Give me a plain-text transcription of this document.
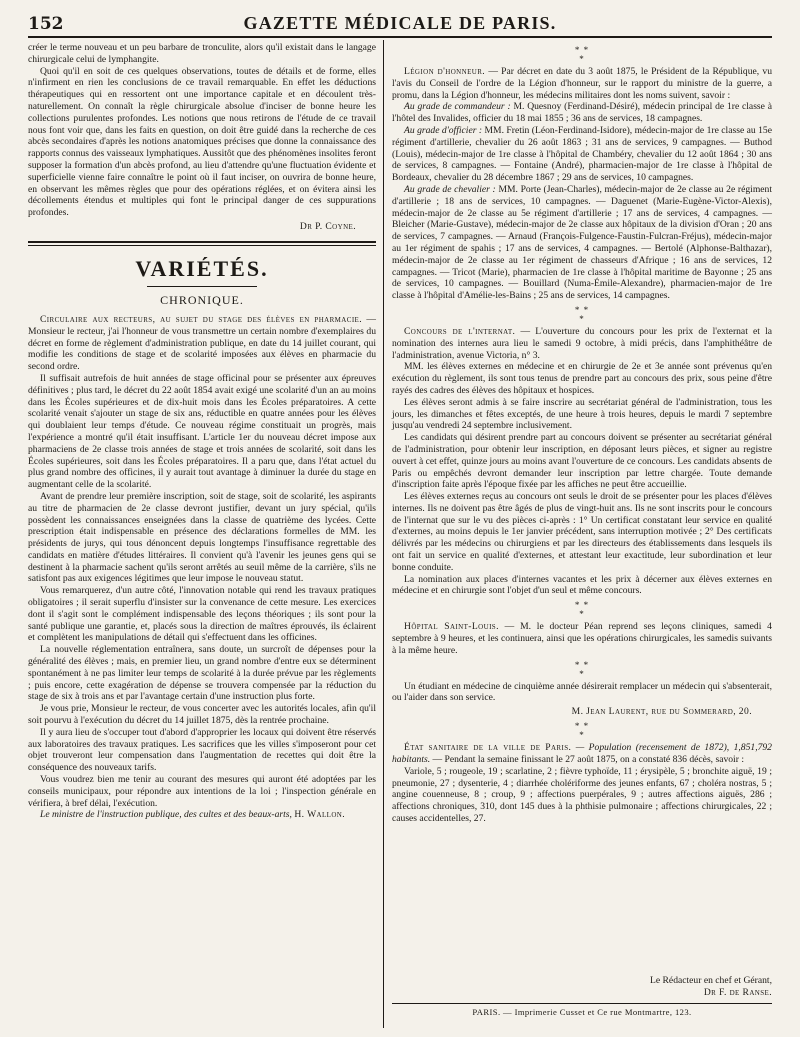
152	GAZETTE MÉDICALE DE PARIS.

créer le terme nouveau et un peu barbare de tronculite, alors qu'il existait dans le langage chirurgicale celui de lymphangite.

Quoi qu'il en soit de ces quelques observations, toutes de détails et de forme, elles n'infirment en rien les conclusions de ce travail remarquable. En effet les déductions thérapeutiques qui en ressortent ont une importance capitale et en découlent très-naturellement. On connaît la règle chirurgicale absolue d'inciser de bonne heure les collections purulentes profondes. Les notions que nous retirons de l'étude de ce travail nous font voir que, dans les faits en question, on doit être guidé dans la recherche de ces abcès secondaires d'après les notions anatomiques précises que donne la connaissance des rapports connus des vaisseaux lymphatiques. Aussitôt que des phénomènes insolites feront supposer la formation d'un abcès profond, au lieu d'attendre qu'une fluctuation évidente et superficielle vienne faire connaître le point où il faut inciser, on ouvrira de bonne heure, en observant les mêmes règles que pour des opérations réglées, et on évitera ainsi les décollements étendus et multiples qui font le principal danger de ces suppurations profondes.

Dr P. Coyne.
VARIÉTÉS.
CHRONIQUE.

Circulaire aux recteurs, au sujet du stage des élèves en pharmacie. — Monsieur le recteur, j'ai l'honneur de vous transmettre un certain nombre d'exemplaires du décret en forme de règlement d'administration publique, en date du 14 juillet courant, qui modifie les conditions de stage et de scolarité imposées aux élèves en pharmacie du second ordre.

Il suffisait autrefois de huit années de stage officinal pour se présenter aux épreuves définitives ; plus tard, le décret du 22 août 1854 avait exigé une scolarité d'un an au moins dans les Écoles supérieures et de dix-huit mois dans les Écoles préparatoires. A cette scolarité venait s'ajouter un stage de six ans, réductible en quatre années pour les élèves qui doublaient leur temps d'étude. Ce nouveau régime constituait un progrès, mais l'expérience a montré qu'il était insuffisant. L'article 1er du nouveau décret impose aux pharmaciens de 2e classe trois années de stage et trois années de scolarité, soit dans les Écoles supérieures, soit dans les Écoles préparatoires. Il a paru que, dans l'état actuel du plus grand nombre des officines, il y aurait tout avantage à diminuer la durée du stage en augmentant celle de la scolarité.

Avant de prendre leur première inscription, soit de stage, soit de scolarité, les aspirants au titre de pharmacien de 2e classe devront justifier, devant un jury spécial, qu'ils possèdent les connaissances enseignées dans la classe de quatrième des lycées. Cette prescription était indispensable en présence des déclarations formelles de MM. les présidents de jurys, qui tous dénoncent depuis longtemps l'insuffisance regrettable des candidats en matière d'études littéraires. Il convient qu'à l'avenir les jeunes gens qui se destinent à la pharmacie sachent qu'ils seront arrêtés au seuil même de la carrière, s'ils ne satisfont pas aux exigences légitimes que leur impose le nouveau statut.

Vous remarquerez, d'un autre côté, l'innovation notable qui rend les travaux pratiques obligatoires ; il serait superflu d'insister sur la convenance de cette mesure. Les exercices dont il s'agit sont le complément indispensable des leçons théoriques ; ils sont pour la santé publique une garantie, et, placés sous la direction de maîtres éprouvés, ils éclairent et complètent les manipulations de détail qui s'effectuent dans les officines.

La nouvelle réglementation entraînera, sans doute, un surcroît de dépenses pour la généralité des élèves ; mais, en premier lieu, un grand nombre d'entre eux se déterminent spontanément à ne pas limiter leur temps de scolarité à la durée prévue par les règlements ; puis encore, cette exagération de dépense se trouvera compensée par la réduction du stage de six à trois ans et par l'avantage certain d'une instruction plus forte.

Je vous prie, Monsieur le recteur, de vous concerter avec les autorités locales, afin qu'il soit pourvu à l'exécution du décret du 14 juillet 1875, dès la rentrée prochaine.

Il y aura lieu de s'occuper tout d'abord d'approprier les locaux qui doivent être réservés aux laboratoires des travaux pratiques. Les sacrifices que les villes s'imposeront pour cet objet trouveront leur compensation dans l'augmentation de recettes qui doit être la conséquence des nouveaux tarifs.

Vous voudrez bien me tenir au courant des mesures qui auront été adoptées par les conseils municipaux, pour répondre aux intentions de la loi ; l'inspection générale en vérifiera, à bref délai, l'exécution.

Le ministre de l'instruction publique, des cultes et des beaux-arts, H. Wallon.

* *
*

Légion d'honneur. — Par décret en date du 3 août 1875, le Président de la République, vu l'avis du Conseil de l'ordre de la Légion d'honneur, sur le rapport du ministre de la guerre, a promu, dans la Légion d'honneur, les médecins militaires dont les noms suivent, savoir :

Au grade de commandeur : M. Quesnoy (Ferdinand-Désiré), médecin principal de 1re classe à l'hôtel des Invalides, officier du 18 mai 1855 ; 36 ans de services, 18 campagnes.

Au grade d'officier : MM. Fretin (Léon-Ferdinand-Isidore), médecin-major de 1re classe au 15e régiment d'artillerie, chevalier du 26 août 1863 ; 31 ans de services, 9 campagnes. — Buthod (Louis), médecin-major de 1re classe à l'hôpital de Chambéry, chevalier du 12 août 1864 ; 30 ans de services, 8 campagnes. — Fontaine (André), pharmacien-major de 1re classe à l'hôpital de Bordeaux, chevalier du 28 décembre 1867 ; 29 ans de services, 10 campagnes.

Au grade de chevalier : MM. Porte (Jean-Charles), médecin-major de 2e classe au 2e régiment d'artillerie ; 18 ans de services, 10 campagnes. — Daguenet (Marie-Eugène-Victor-Alexis), médecin-major de 2e classe au 5e régiment d'artillerie ; 17 ans de services, 4 campagnes. — Bleicher (Marie-Gustave), médecin-major de 2e classe aux hôpitaux de la division d'Oran ; 20 ans de services, 7 campagnes. — Arnaud (François-Fulgence-Faustin-Fulcran-Fréjus), médecin-major au 1er régiment de spahis ; 17 ans de services, 4 campagnes. — Bertolé (Alphonse-Balthazar), médecin-major de 2e classe au 1er régiment de chasseurs d'Afrique ; 16 ans de services, 12 campagnes. — Tricot (Marie), pharmacien de 1re classe à l'hôpital maritime de Bayonne ; 25 ans de services, 10 campagnes. — Bouillard (Numa-Émile-Alexandre), pharmacien-major de 1re classe à l'hôpital d'Amélie-les-Bains ; 25 ans de services, 14 campagnes.

* *
*

Concours de l'internat. — L'ouverture du concours pour les prix de l'externat et la nomination des internes aura lieu le samedi 9 octobre, à midi précis, dans l'amphithéâtre de l'administration, avenue Victoria, n° 3.

MM. les élèves externes en médecine et en chirurgie de 2e et 3e année sont prévenus qu'en exécution du règlement, ils sont tous tenus de prendre part au concours des prix, sous peine d'être rayés des cadres des élèves des hôpitaux et hospices.

Les élèves seront admis à se faire inscrire au secrétariat général de l'administration, tous les jours, les dimanches et fêtes exceptés, de une heure à trois heures, depuis le mardi 7 septembre jusqu'au vendredi 24 septembre inclusivement.

Les candidats qui désirent prendre part au concours doivent se présenter au secrétariat général de l'administration, pour obtenir leur inscription, en déposant leurs pièces, et signer au registre ouvert à cet effet, quinze jours au moins avant l'ouverture de ce concours. Les candidats absents de Paris ou empêchés devront demander leur inscription par lettre chargée. Toute demande d'inscription faite après l'époque fixée par les affiches ne peut être accueillie.

Les élèves externes reçus au concours ont seuls le droit de se présenter pour les places d'élèves internes. Ils ne doivent pas être âgés de plus de vingt-huit ans. Ils ne sont inscrits pour le concours de l'internat que sur le vu des pièces ci-après : 1° Un certificat constatant leur service en qualité d'externes, au moins depuis le 1er janvier précédent, sans interruption motivée ; 2° Des certificats délivrés par les médecins ou chirurgiens et par les directeurs des établissements dans lesquels ils ont fait un service en qualité d'externes, et attestant leur exactitude, leur subordination et leur bonne conduite.

La nomination aux places d'internes vacantes et les prix à décerner aux élèves externes en médecine et en chirurgie sont l'objet d'un seul et même concours.

* *
*

Hôpital Saint-Louis. — M. le docteur Péan reprend ses leçons cliniques, samedi 4 septembre à 9 heures, et les continuera, ainsi que les opérations chirurgicales, les samedis suivants à la même heure.

* *
*

Un étudiant en médecine de cinquième année désirerait remplacer un médecin qui s'absenterait, ou l'aider dans son service.

M. Jean Laurent, rue du Sommerard, 20.
* *
*

État sanitaire de la ville de Paris. — Population (recensement de 1872), 1,851,792 habitants. — Pendant la semaine finissant le 27 août 1875, on a constaté 836 décès, savoir :

Variole, 5 ; rougeole, 19 ; scarlatine, 2 ; fièvre typhoïde, 11 ; érysipèle, 5 ; bronchite aiguë, 19 ; pneumonie, 27 ; dysenterie, 4 ; diarrhée cholériforme des jeunes enfants, 67 ; choléra nostras, 5 ; angine couenneuse, 8 ; croup, 9 ; affections puerpérales, 9 ; autres affections aiguës, 286 ; affections chroniques, 310, dont 145 dues à la phthisie pulmonaire ; affections chirurgicales, 22 ; causes accidentelles, 27.

Le Rédacteur en chef et Gérant,
Dr F. de Ranse.
PARIS. — Imprimerie Cusset et Ce rue Montmartre, 123.
